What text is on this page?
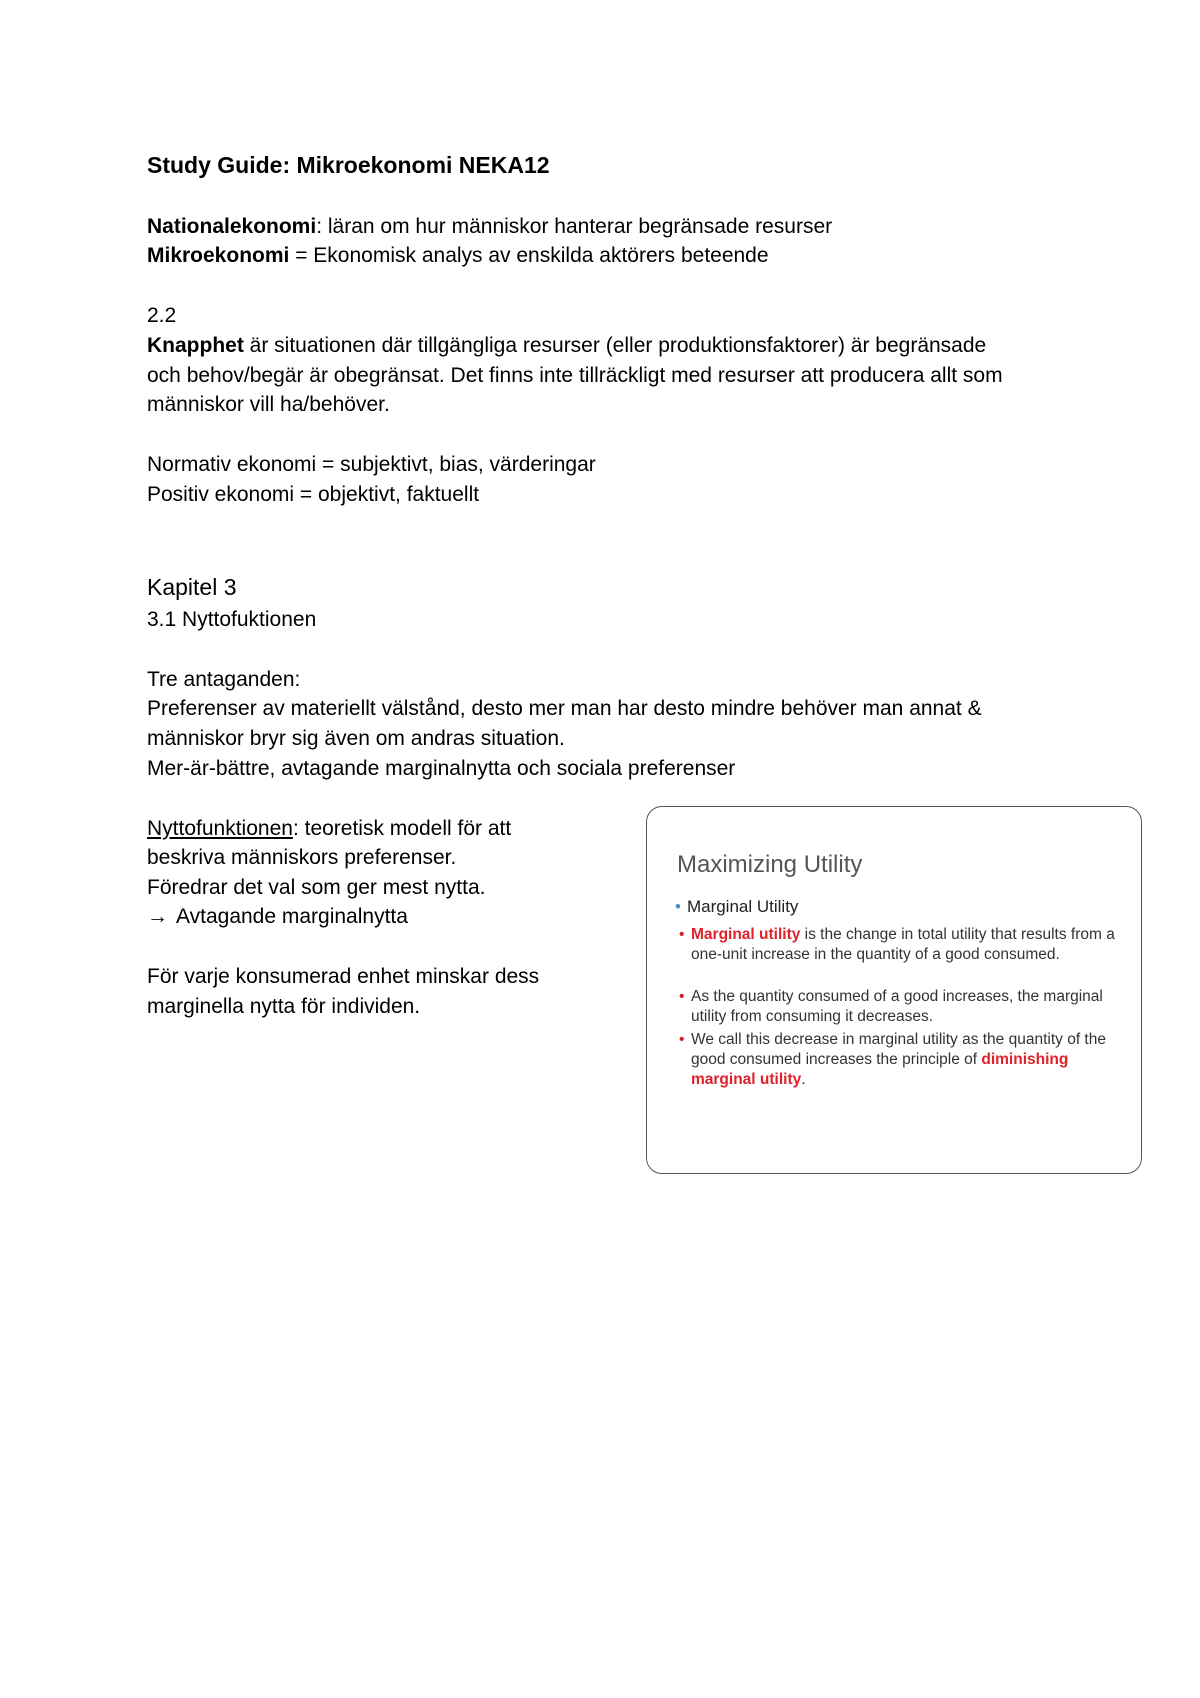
Study Guide: Mikroekonomi NEKA12
Nationalekonomi: läran om hur människor hanterar begränsade resurser
Mikroekonomi = Ekonomisk analys av enskilda aktörers beteende
2.2
Knapphet är situationen där tillgängliga resurser (eller produktionsfaktorer) är begränsade
och behov/begär är obegränsat. Det finns inte tillräckligt med resurser att producera allt som
människor vill ha/behöver.
Normativ ekonomi = subjektivt, bias, värderingar
Positiv ekonomi = objektivt, faktuellt
Kapitel 3
3.1 Nyttofuktionen
Tre antaganden:
Preferenser av materiellt välstånd, desto mer man har desto mindre behöver man annat &
människor bryr sig även om andras situation.
Mer-är-bättre, avtagande marginalnytta och sociala preferenser
Nyttofunktionen: teoretisk modell för att
beskriva människors preferenser.
Föredrar det val som ger mest nytta.
→ Avtagande marginalnytta
För varje konsumerad enhet minskar dess
marginella nytta för individen.
Maximizing Utility
• Marginal Utility
• Marginal utility is the change in total utility that results from a one-unit increase in the quantity of a good consumed.
• As the quantity consumed of a good increases, the marginal utility from consuming it decreases.
• We call this decrease in marginal utility as the quantity of the good consumed increases the principle of diminishing marginal utility.
